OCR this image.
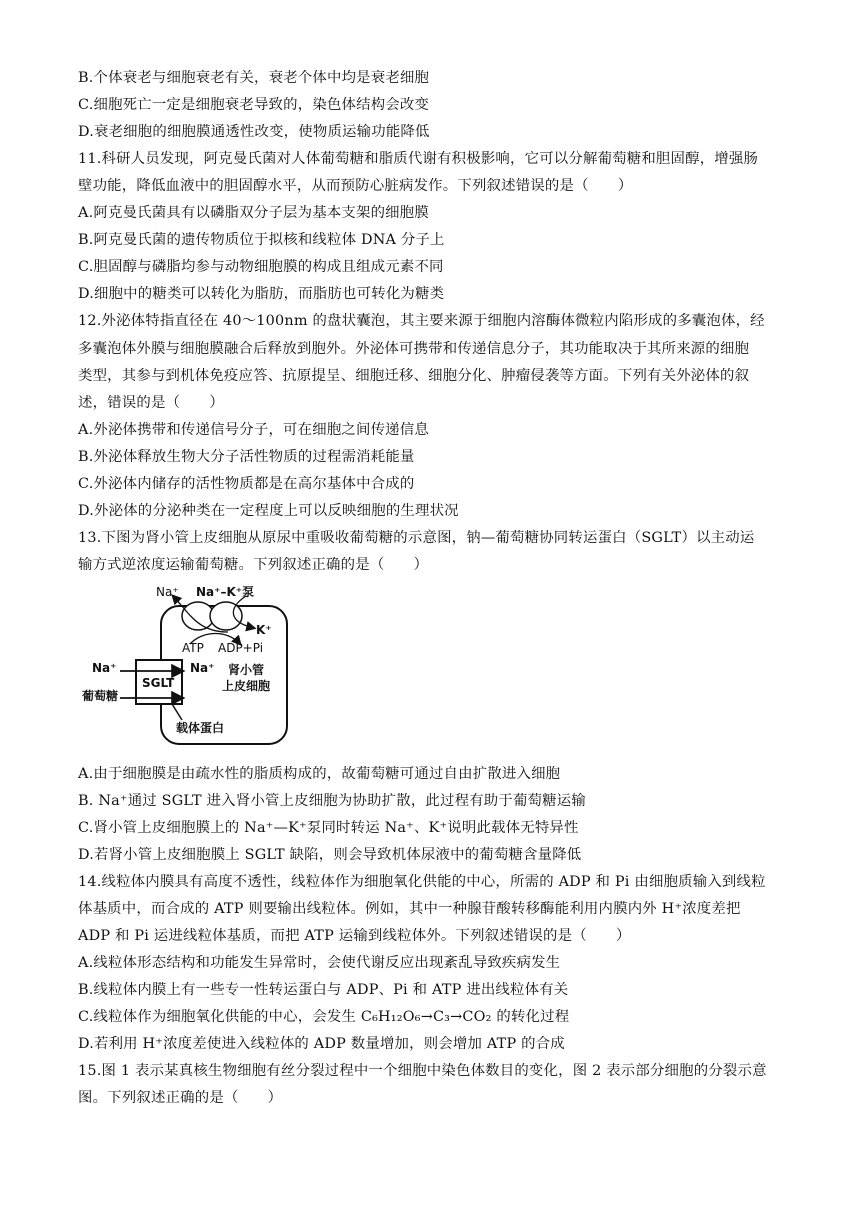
B.个体衰老与细胞衰老有关，衰老个体中均是衰老细胞
C.细胞死亡一定是细胞衰老导致的，染色体结构会改变
D.衰老细胞的细胞膜通透性改变，使物质运输功能降低
11.科研人员发现，阿克曼氏菌对人体葡萄糖和脂质代谢有积极影响，它可以分解葡萄糖和胆固醇，增强肠
壁功能，降低血液中的胆固醇水平，从而预防心脏病发作。下列叙述错误的是（　　）
A.阿克曼氏菌具有以磷脂双分子层为基本支架的细胞膜
B.阿克曼氏菌的遗传物质位于拟核和线粒体 DNA 分子上
C.胆固醇与磷脂均参与动物细胞膜的构成且组成元素不同
D.细胞中的糖类可以转化为脂肪，而脂肪也可转化为糖类
12.外泌体特指直径在 40～100nm 的盘状囊泡，其主要来源于细胞内溶酶体微粒内陷形成的多囊泡体，经
多囊泡体外膜与细胞膜融合后释放到胞外。外泌体可携带和传递信息分子，其功能取决于其所来源的细胞
类型，其参与到机体免疫应答、抗原提呈、细胞迁移、细胞分化、肿瘤侵袭等方面。下列有关外泌体的叙
述，错误的是（　　）
A.外泌体携带和传递信号分子，可在细胞之间传递信息
B.外泌体释放生物大分子活性物质的过程需消耗能量
C.外泌体内储存的活性物质都是在高尔基体中合成的
D.外泌体的分泌种类在一定程度上可以反映细胞的生理状况
13.下图为肾小管上皮细胞从原尿中重吸收葡萄糖的示意图，钠—葡萄糖协同转运蛋白（SGLT）以主动运
输方式逆浓度运输葡萄糖。下列叙述正确的是（　　）
Na⁺ Na⁺–K⁺泵
K⁺
ATP ADP+Pi
Na⁺	Na⁺
SGLT
葡萄糖
肾小管
上皮细胞
载体蛋白
A.由于细胞膜是由疏水性的脂质构成的，故葡萄糖可通过自由扩散进入细胞
B. Na⁺通过 SGLT 进入肾小管上皮细胞为协助扩散，此过程有助于葡萄糖运输
C.肾小管上皮细胞膜上的 Na⁺—K⁺泵同时转运 Na⁺、K⁺说明此载体无特异性
D.若肾小管上皮细胞膜上 SGLT 缺陷，则会导致机体尿液中的葡萄糖含量降低
14.线粒体内膜具有高度不透性，线粒体作为细胞氧化供能的中心，所需的 ADP 和 Pi 由细胞质输入到线粒
体基质中，而合成的 ATP 则要输出线粒体。例如，其中一种腺苷酸转移酶能利用内膜内外 H⁺浓度差把
ADP 和 Pi 运进线粒体基质，而把 ATP 运输到线粒体外。下列叙述错误的是（　　）
A.线粒体形态结构和功能发生异常时，会使代谢反应出现紊乱导致疾病发生
B.线粒体内膜上有一些专一性转运蛋白与 ADP、Pi 和 ATP 进出线粒体有关
C.线粒体作为细胞氧化供能的中心，会发生 C₆H₁₂O₆→C₃→CO₂ 的转化过程
D.若利用 H⁺浓度差使进入线粒体的 ADP 数量增加，则会增加 ATP 的合成
15.图 1 表示某真核生物细胞有丝分裂过程中一个细胞中染色体数目的变化，图 2 表示部分细胞的分裂示意
图。下列叙述正确的是（　　）
